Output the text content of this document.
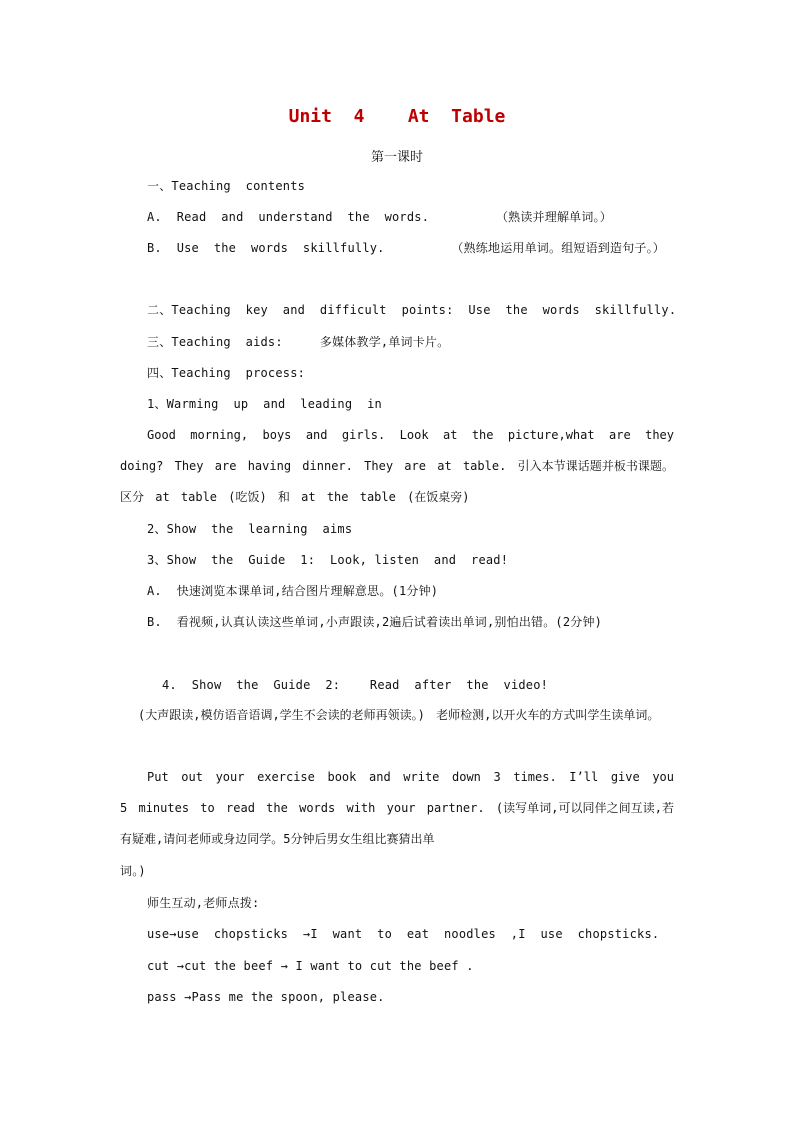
Unit  4    At  Table
第一课时
一、Teaching  contents
A.  Read  and  understand  the  words.         （熟读并理解单词。）
B.  Use  the  words  skillfully.         （熟练地运用单词。组短语到造句子。）
二、Teaching  key  and  difficult  points:  Use  the  words  skillfully.
三、Teaching  aids:     多媒体教学,单词卡片。
四、Teaching  process:
1、Warming  up  and  leading  in
Good morning, boys and girls. Look at the picture,what are they doing? They are having dinner. They are at table. 引入本节课话题并板书课题。区分 at table (吃饭) 和 at the table (在饭桌旁)
2、Show  the  learning  aims
3、Show  the  Guide  1:  Look, listen  and  read!
A.  快速浏览本课单词,结合图片理解意思。(1分钟)
B.  看视频,认真认读这些单词,小声跟读,2遍后试着读出单词,别怕出错。(2分钟)
4.  Show  the  Guide  2:    Read  after  the  video!
(大声跟读,模仿语音语调,学生不会读的老师再领读。) 老师检测,以开火车的方式叫学生读单词。
Put out your exercise book and write down 3 times. I’ll give you 5 minutes to read the words with your partner. (读写单词,可以同伴之间互读,若有疑难,请问老师或身边同学。5分钟后男女生组比赛猜出单
词。)
师生互动,老师点拨:
use→use  chopsticks  →I  want  to  eat  noodles  ,I  use  chopsticks.
cut →cut the beef → I want to cut the beef .
pass →Pass me the spoon, please.
